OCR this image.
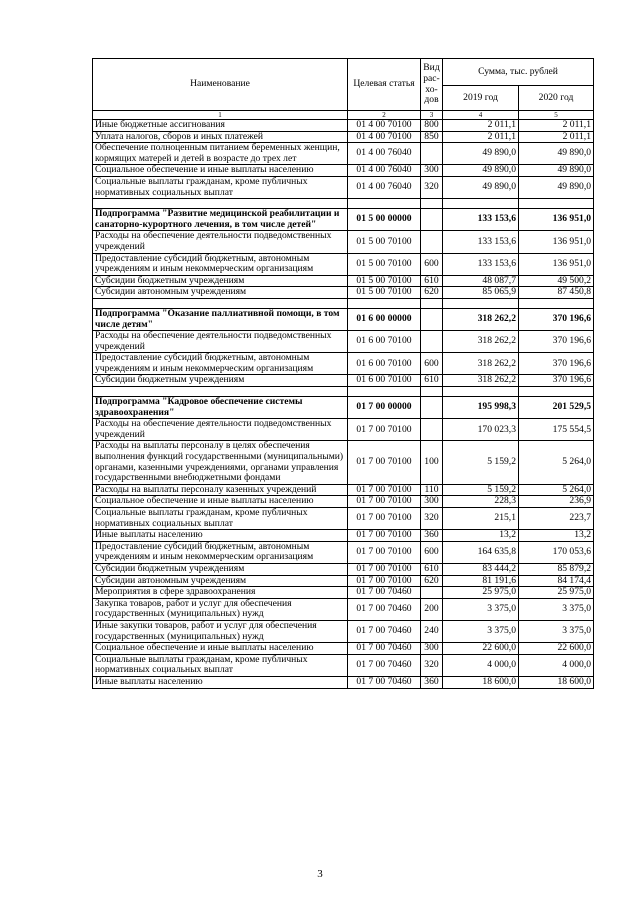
Наименование	Целевая статья	Вид рас-хо-дов	Сумма, тыс. рублей	
			2019 год	2020 год
1	2	3	4	5
Иные бюджетные ассигнования	01 4 00 70100	800	2 011,1	2 011,1
Уплата налогов, сборов и иных платежей	01 4 00 70100	850	2 011,1	2 011,1
Обеспечение полноценным питанием беременных женщин, кормящих матерей и детей в возрасте до трех лет	01 4 00 76040		49 890,0	49 890,0
Социальное обеспечение и иные выплаты населению	01 4 00 76040	300	49 890,0	49 890,0
Социальные выплаты гражданам, кроме публичных нормативных социальных выплат	01 4 00 76040	320	49 890,0	49 890,0

Подпрограмма "Развитие медицинской реабилитации и санаторно-курортного лечения, в том числе детей"	01 5 00 00000		133 153,6	136 951,0
Расходы на обеспечение деятельности подведомственных учреждений	01 5 00 70100		133 153,6	136 951,0
Предоставление субсидий бюджетным, автономным учреждениям и иным некоммерческим организациям	01 5 00 70100	600	133 153,6	136 951,0
Субсидии бюджетным учреждениям	01 5 00 70100	610	48 087,7	49 500,2
Субсидии автономным учреждениям	01 5 00 70100	620	85 065,9	87 450,8

Подпрограмма "Оказание паллиативной помощи, в том числе детям"	01 6 00 00000		318 262,2	370 196,6
Расходы на обеспечение деятельности подведомственных учреждений	01 6 00 70100		318 262,2	370 196,6
Предоставление субсидий бюджетным, автономным учреждениям и иным некоммерческим организациям	01 6 00 70100	600	318 262,2	370 196,6
Субсидии бюджетным учреждениям	01 6 00 70100	610	318 262,2	370 196,6

Подпрограмма "Кадровое обеспечение системы здравоохранения"	01 7 00 00000		195 998,3	201 529,5
Расходы на обеспечение деятельности подведомственных учреждений	01 7 00 70100		170 023,3	175 554,5
Расходы на выплаты персоналу в целях обеспечения выполнения функций государственными (муниципальными) органами, казенными учреждениями, органами управления государственными внебюджетными фондами	01 7 00 70100	100	5 159,2	5 264,0
Расходы на выплаты персоналу казенных учреждений	01 7 00 70100	110	5 159,2	5 264,0
Социальное обеспечение и иные выплаты населению	01 7 00 70100	300	228,3	236,9
Социальные выплаты гражданам, кроме публичных нормативных социальных выплат	01 7 00 70100	320	215,1	223,7
Иные выплаты населению	01 7 00 70100	360	13,2	13,2
Предоставление субсидий бюджетным, автономным учреждениям и иным некоммерческим организациям	01 7 00 70100	600	164 635,8	170 053,6
Субсидии бюджетным учреждениям	01 7 00 70100	610	83 444,2	85 879,2
Субсидии автономным учреждениям	01 7 00 70100	620	81 191,6	84 174,4
Мероприятия в сфере здравоохранения	01 7 00 70460		25 975,0	25 975,0
Закупка товаров, работ и услуг для обеспечения государственных (муниципальных) нужд	01 7 00 70460	200	3 375,0	3 375,0
Иные закупки товаров, работ и услуг для обеспечения государственных (муниципальных) нужд	01 7 00 70460	240	3 375,0	3 375,0
Социальное обеспечение и иные выплаты населению	01 7 00 70460	300	22 600,0	22 600,0
Социальные выплаты гражданам, кроме публичных нормативных социальных выплат	01 7 00 70460	320	4 000,0	4 000,0
Иные выплаты населению	01 7 00 70460	360	18 600,0	18 600,0
3
